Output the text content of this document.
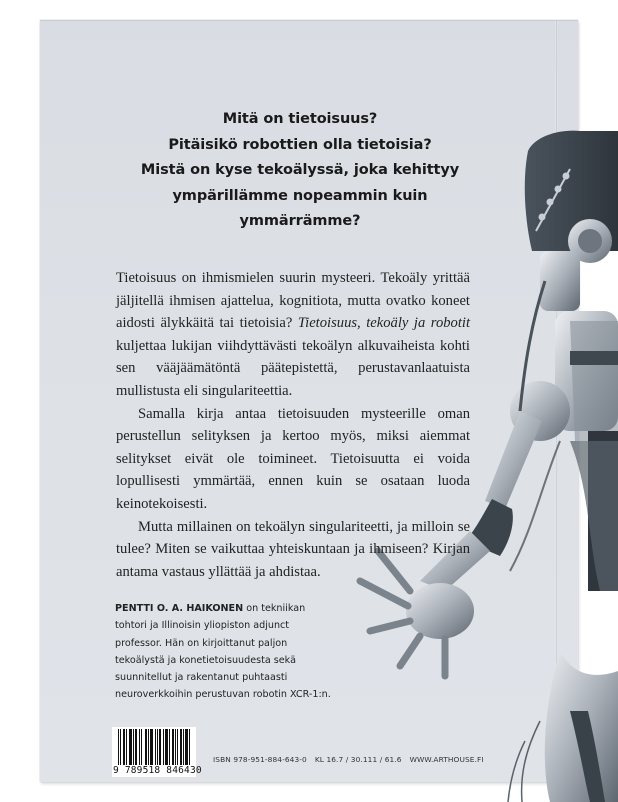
Mitä on tietoisuus?
Pitäisikö robottien olla tietoisia?
Mistä on kyse tekoälyssä, joka kehittyy
ympärillämme nopeammin kuin
ymmärrämme?

Tietoisuus on ihmismielen suurin mysteeri. Tekoäly yrittää jäljitellä ihmisen ajattelua, kognitiota, mutta ovatko koneet aidosti älykkäitä tai tietoisia? Tietoisuus, tekoäly ja robotit kuljettaa lukijan viihdyttävästi tekoälyn alkuvaiheista kohti sen vääjäämätöntä päätepistettä, perustavanlaatuista mullistusta eli singulariteettia.

Samalla kirja antaa tietoisuuden mysteerille oman perustellun selityksen ja kertoo myös, miksi aiemmat selitykset eivät ole toimineet. Tietoisuutta ei voida lopullisesti ymmärtää, ennen kuin se osataan luoda keinotekoisesti.

Mutta millainen on tekoälyn singulariteetti, ja milloin se tulee? Miten se vaikuttaa yhteiskuntaan ja ihmiseen? Kirjan antama vastaus yllättää ja ahdistaa.

PENTTI O. A. HAIKONEN on tekniikan tohtori ja Illinoisin yliopiston adjunct professor. Hän on kirjoittanut paljon tekoälystä ja konetietoisuudesta sekä suunnitellut ja rakentanut puhtaasti neuroverkkoihin perustuvan robotin XCR-1:n.
9 789518 846430
ISBN 978-951-884-643-0 KL 16.7 / 30.111 / 61.6 WWW.ARTHOUSE.FI
